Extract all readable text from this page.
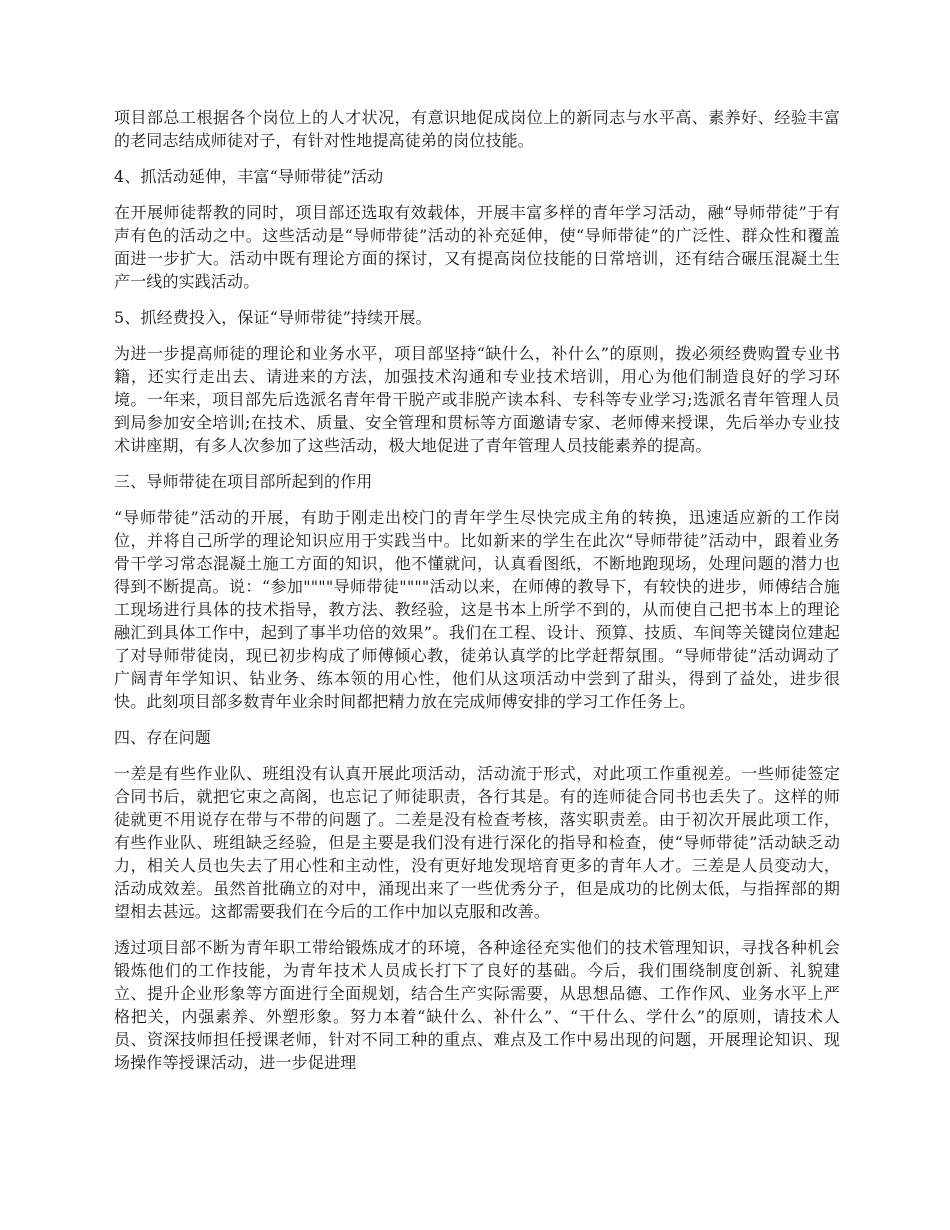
项目部总工根据各个岗位上的人才状况，有意识地促成岗位上的新同志与水平高、素养好、经验丰富的老同志结成师徒对子，有针对性地提高徒弟的岗位技能。

4、抓活动延伸，丰富“导师带徒”活动

在开展师徒帮教的同时，项目部还选取有效载体，开展丰富多样的青年学习活动，融“导师带徒”于有声有色的活动之中。这些活动是“导师带徒”活动的补充延伸，使“导师带徒”的广泛性、群众性和覆盖面进一步扩大。活动中既有理论方面的探讨，又有提高岗位技能的日常培训，还有结合碾压混凝土生产一线的实践活动。

5、抓经费投入，保证“导师带徒”持续开展。

为进一步提高师徒的理论和业务水平，项目部坚持“缺什么，补什么”的原则，拨必须经费购置专业书籍，还实行走出去、请进来的方法，加强技术沟通和专业技术培训，用心为他们制造良好的学习环境。一年来，项目部先后选派名青年骨干脱产或非脱产读本科、专科等专业学习;选派名青年管理人员到局参加安全培训;在技术、质量、安全管理和贯标等方面邀请专家、老师傅来授课，先后举办专业技术讲座期，有多人次参加了这些活动，极大地促进了青年管理人员技能素养的提高。

三、导师带徒在项目部所起到的作用

“导师带徒”活动的开展，有助于刚走出校门的青年学生尽快完成主角的转换，迅速适应新的工作岗位，并将自己所学的理论知识应用于实践当中。比如新来的学生在此次“导师带徒”活动中，跟着业务骨干学习常态混凝土施工方面的知识，他不懂就问，认真看图纸，不断地跑现场，处理问题的潜力也得到不断提高。说：“参加""""导师带徒""""活动以来，在师傅的教导下，有较快的进步，师傅结合施工现场进行具体的技术指导，教方法、教经验，这是书本上所学不到的，从而使自己把书本上的理论融汇到具体工作中，起到了事半功倍的效果”。我们在工程、设计、预算、技质、车间等关键岗位建起了对导师带徒岗，现已初步构成了师傅倾心教，徒弟认真学的比学赶帮氛围。“导师带徒”活动调动了广阔青年学知识、钻业务、练本领的用心性，他们从这项活动中尝到了甜头，得到了益处，进步很快。此刻项目部多数青年业余时间都把精力放在完成师傅安排的学习工作任务上。

四、存在问题

一差是有些作业队、班组没有认真开展此项活动，活动流于形式，对此项工作重视差。一些师徒签定合同书后，就把它束之高阁，也忘记了师徒职责，各行其是。有的连师徒合同书也丢失了。这样的师徒就更不用说存在带与不带的问题了。二差是没有检查考核，落实职责差。由于初次开展此项工作，有些作业队、班组缺乏经验，但是主要是我们没有进行深化的指导和检查，使“导师带徒”活动缺乏动力，相关人员也失去了用心性和主动性，没有更好地发现培育更多的青年人才。三差是人员变动大，活动成效差。虽然首批确立的对中，涌现出来了一些优秀分子，但是成功的比例太低，与指挥部的期望相去甚远。这都需要我们在今后的工作中加以克服和改善。

透过项目部不断为青年职工带给锻炼成才的环境，各种途径充实他们的技术管理知识，寻找各种机会锻炼他们的工作技能，为青年技术人员成长打下了良好的基础。今后，我们围绕制度创新、礼貌建立、提升企业形象等方面进行全面规划，结合生产实际需要，从思想品德、工作作风、业务水平上严格把关，内强素养、外塑形象。努力本着“缺什么、补什么”、“干什么、学什么”的原则，请技术人员、资深技师担任授课老师，针对不同工种的重点、难点及工作中易出现的问题，开展理论知识、现场操作等授课活动，进一步促进理
